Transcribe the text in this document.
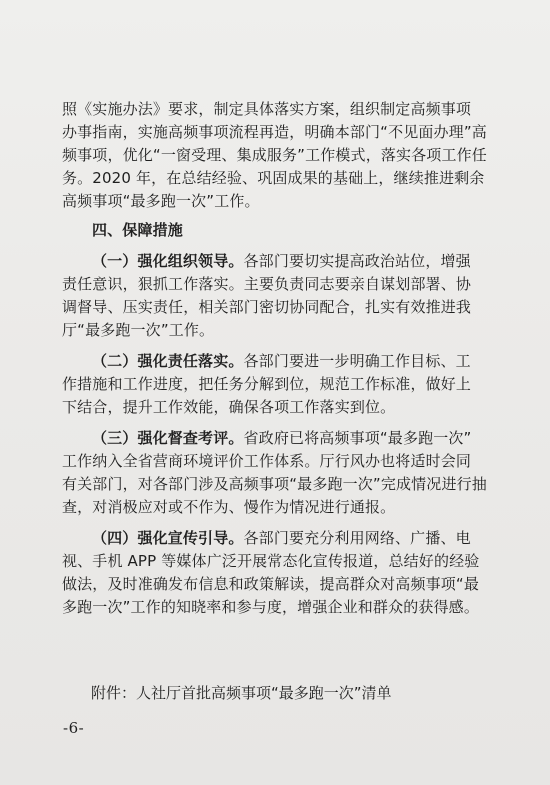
照《实施办法》要求，制定具体落实方案，组织制定高频事项
办事指南，实施高频事项流程再造，明确本部门“不见面办理”高
频事项，优化“一窗受理、集成服务”工作模式，落实各项工作任
务。2020 年，在总结经验、巩固成果的基础上，继续推进剩余
高频事项“最多跑一次”工作。
四、保障措施
（一）强化组织领导。各部门要切实提高政治站位，增强
责任意识，狠抓工作落实。主要负责同志要亲自谋划部署、协
调督导、压实责任，相关部门密切协同配合，扎实有效推进我
厅“最多跑一次”工作。
（二）强化责任落实。各部门要进一步明确工作目标、工
作措施和工作进度，把任务分解到位，规范工作标准，做好上
下结合，提升工作效能，确保各项工作落实到位。
（三）强化督查考评。省政府已将高频事项“最多跑一次”
工作纳入全省营商环境评价工作体系。厅行风办也将适时会同
有关部门，对各部门涉及高频事项“最多跑一次”完成情况进行抽
查，对消极应对或不作为、慢作为情况进行通报。
（四）强化宣传引导。各部门要充分利用网络、广播、电
视、手机 APP 等媒体广泛开展常态化宣传报道，总结好的经验
做法，及时准确发布信息和政策解读，提高群众对高频事项“最
多跑一次”工作的知晓率和参与度，增强企业和群众的获得感。
附件：人社厅首批高频事项“最多跑一次”清单
-6-
